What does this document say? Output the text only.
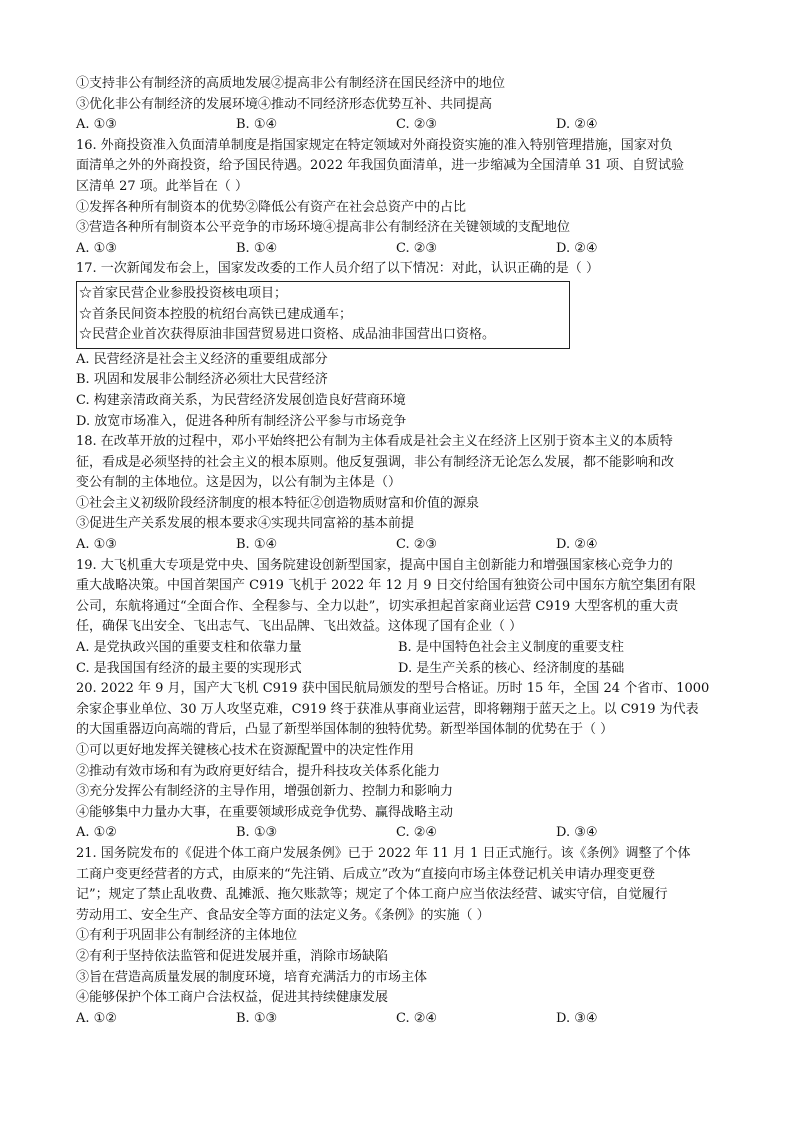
①支持非公有制经济的高质地发展②提高非公有制经济在国民经济中的地位
③优化非公有制经济的发展环境④推动不同经济形态优势互补、共同提高
A. ①③	B. ①④	C. ②③	D. ②④
16. 外商投资准入负面清单制度是指国家规定在特定领域对外商投资实施的准入特别管理措施，国家对负
面清单之外的外商投资，给予国民待遇。2022 年我国负面清单，进一步缩减为全国清单 31 项、自贸试验
区清单 27 项。此举旨在（ ）
①发挥各种所有制资本的优势②降低公有资产在社会总资产中的占比
③营造各种所有制资本公平竞争的市场环境④提高非公有制经济在关键领域的支配地位
A. ①③	B. ①④	C. ②③	D. ②④
17. 一次新闻发布会上，国家发改委的工作人员介绍了以下情况：对此，认识正确的是（ ）
☆首家民营企业参股投资核电项目；
☆首条民间资本控股的杭绍台高铁已建成通车；
☆民营企业首次获得原油非国营贸易进口资格、成品油非国营出口资格。
A. 民营经济是社会主义经济的重要组成部分
B. 巩固和发展非公制经济必须壮大民营经济
C. 构建亲清政商关系，为民营经济发展创造良好营商环境
D. 放宽市场准入，促进各种所有制经济公平参与市场竞争
18. 在改革开放的过程中，邓小平始终把公有制为主体看成是社会主义在经济上区别于资本主义的本质特
征，看成是必须坚持的社会主义的根本原则。他反复强调，非公有制经济无论怎么发展，都不能影响和改
变公有制的主体地位。这是因为，以公有制为主体是（）
①社会主义初级阶段经济制度的根本特征②创造物质财富和价值的源泉
③促进生产关系发展的根本要求④实现共同富裕的基本前提
A. ①③	B. ①④	C. ②③	D. ②④
19. 大飞机重大专项是党中央、国务院建设创新型国家，提高中国自主创新能力和增强国家核心竞争力的
重大战略决策。中国首架国产 C919 飞机于 2022 年 12 月 9 日交付给国有独资公司中国东方航空集团有限
公司，东航将通过“全面合作、全程参与、全力以赴”，切实承担起首家商业运营 C919 大型客机的重大责
任，确保飞出安全、飞出志气、飞出品牌、飞出效益。这体现了国有企业（ ）
A. 是党执政兴国的重要支柱和依靠力量	B. 是中国特色社会主义制度的重要支柱
C. 是我国国有经济的最主要的实现形式	D. 是生产关系的核心、经济制度的基础
20. 2022 年 9 月，国产大飞机 C919 获中国民航局颁发的型号合格证。历时 15 年，全国 24 个省市、1000
余家企事业单位、30 万人攻坚克难，C919 终于获准从事商业运营，即将翱翔于蓝天之上。以 C919 为代表
的大国重器迈向高端的背后，凸显了新型举国体制的独特优势。新型举国体制的优势在于（ ）
①可以更好地发挥关键核心技术在资源配置中的决定性作用
②推动有效市场和有为政府更好结合，提升科技攻关体系化能力
③充分发挥公有制经济的主导作用，增强创新力、控制力和影响力
④能够集中力量办大事，在重要领域形成竞争优势、赢得战略主动
A. ①②	B. ①③	C. ②④	D. ③④
21. 国务院发布的《促进个体工商户发展条例》已于 2022 年 11 月 1 日正式施行。该《条例》调整了个体
工商户变更经营者的方式，由原来的“先注销、后成立”改为“直接向市场主体登记机关申请办理变更登
记”；规定了禁止乱收费、乱摊派、拖欠账款等；规定了个体工商户应当依法经营、诚实守信，自觉履行
劳动用工、安全生产、食品安全等方面的法定义务。《条例》的实施（ ）
①有利于巩固非公有制经济的主体地位
②有利于坚持依法监管和促进发展并重，消除市场缺陷
③旨在营造高质量发展的制度环境，培育充满活力的市场主体
④能够保护个体工商户合法权益，促进其持续健康发展
A. ①②	B. ①③	C. ②④	D. ③④
